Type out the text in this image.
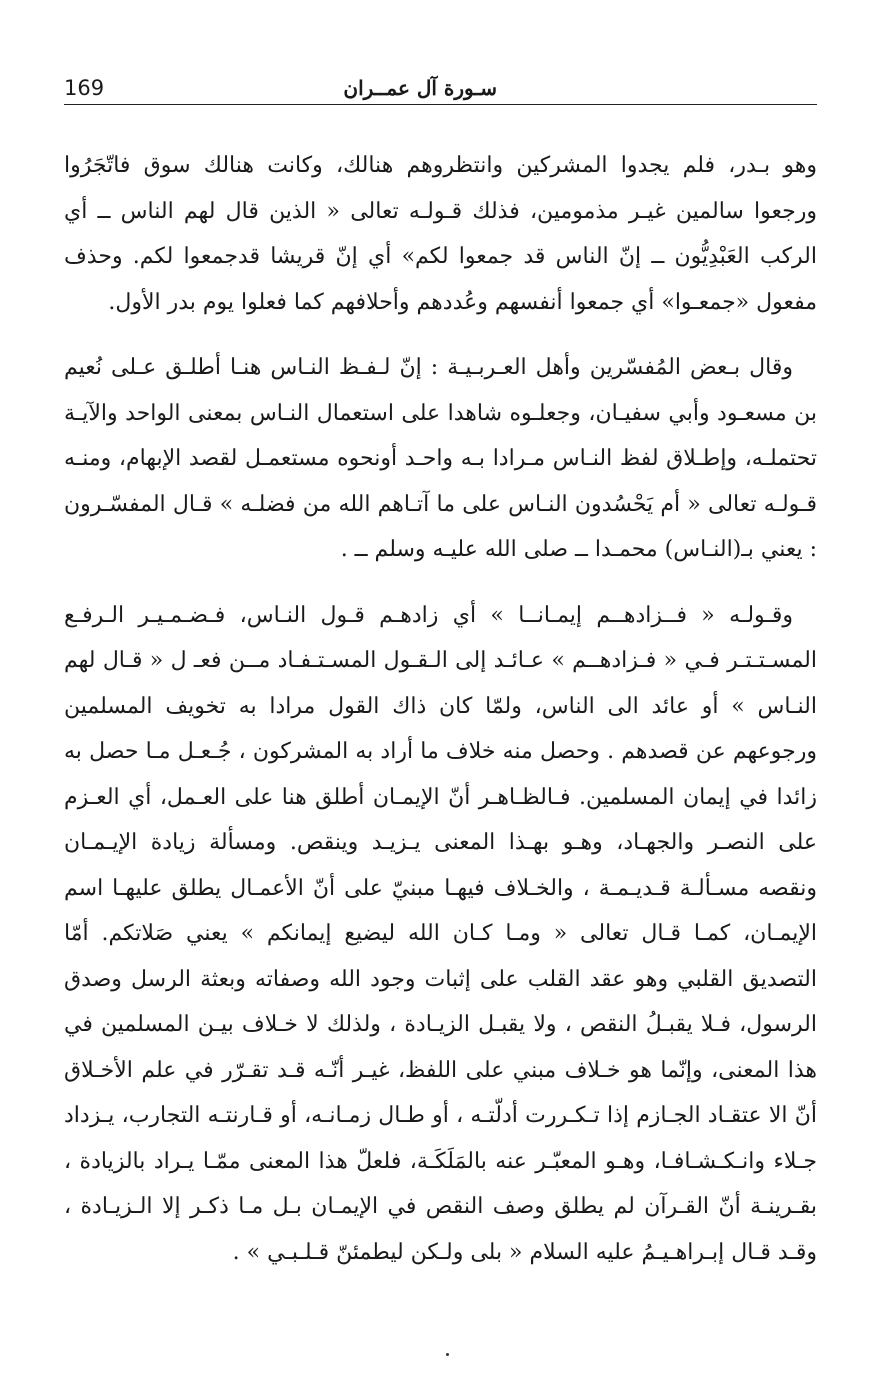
169	سـورة آل عمــران

وهو بـدر، فلم يجدوا المشركين وانتظروهم هنالك، وكانت هنالك سوق فاتّجَرُوا ورجعوا سالمين غيـر مذمومين، فذلك قـولـه تعالى « الذين قال لهم الناس ــ أي الركب العَبْدِيُّون ــ إنّ الناس قد جمعوا لكم» أي إنّ قريشا قدجمعوا لكم. وحذف مفعول «جمعـوا» أي جمعوا أنفسهم وعُددهم وأحلافهم كما فعلوا يوم بدر الأول.

وقال بـعض المُفسّرين وأهل العـربـيـة : إنّ لـفـظ النـاس هنـا أطلـق عـلى نُعيم بن مسعـود وأبي سفيـان، وجعلـوه شاهدا على استعمال النـاس بمعنى الواحد والآيـة تحتملـه، وإطـلاق لفظ النـاس مـرادا بـه واحـد أونحوه مستعمـل لقصد الإبهام، ومنـه قـولـه تعالى « أم يَحْسُدون النـاس على ما آتـاهم الله من فضلـه » قـال المفسّـرون : يعني بـ(النـاس) محمـدا ــ صلى الله عليـه وسلم ــ .

وقـولـه « فــزادهــم إيمـانــا » أي زادهـم قـول النـاس، فـضـمـيـر الـرفـع المسـتـتـر فـي « فـزادهــم » عـائـد إلى الـقـول المسـتـفـاد مــن فعـ ل « قـال لهم النـاس » أو عائد الى الناس، ولمّا كان ذاك القول مرادا به تخويف المسلمين ورجوعهم عن قصدهم . وحصل منه خلاف ما أراد به المشركون ، جُـعـل مـا حصل به زائدا في إيمان المسلمين. فـالظـاهـر أنّ الإيمـان أطلق هنا على العـمل، أي العـزم على النصـر والجهـاد، وهـو بهـذا المعنى يـزيـد وينقص. ومسألة زيادة الإيـمـان ونقصه مسـألـة قـديـمـة ، والخـلاف فيهـا مبنيّ على أنّ الأعمـال يطلق عليهـا اسم الإيمـان، كمـا قـال تعالى « ومـا كـان الله ليضيع إيمانكم » يعني صَلاتكم. أمّا التصديق القلبي وهو عقد القلب على إثبات وجود الله وصفاته وبعثة الرسل وصدق الرسول، فـلا يقبـلُ النقص ، ولا يقبـل الزيـادة ، ولذلك لا خـلاف بيـن المسلمين في هذا المعنى، وإنّما هو خـلاف مبني على اللفظ، غيـر أنّـه قـد تقـرّر في علم الأخـلاق أنّ الا عتقـاد الجـازم إذا تـكـررت أدلّتـه ، أو طـال زمـانـه، أو قـارنتـه التجارب، يـزداد جـلاء وانـكـشـافـا، وهـو المعبّـر عنه بالمَلَكَـة، فلعلّ هذا المعنى ممّـا يـراد بالزيادة ، بقـرينـة أنّ القـرآن لم يطلق وصف النقص في الإيمـان بـل مـا ذكـر إلا الـزيـادة ، وقـد قـال إبـراهـيـمُ عليه السلام « بلى ولـكن ليطمئنّ قـلـبـي » .
